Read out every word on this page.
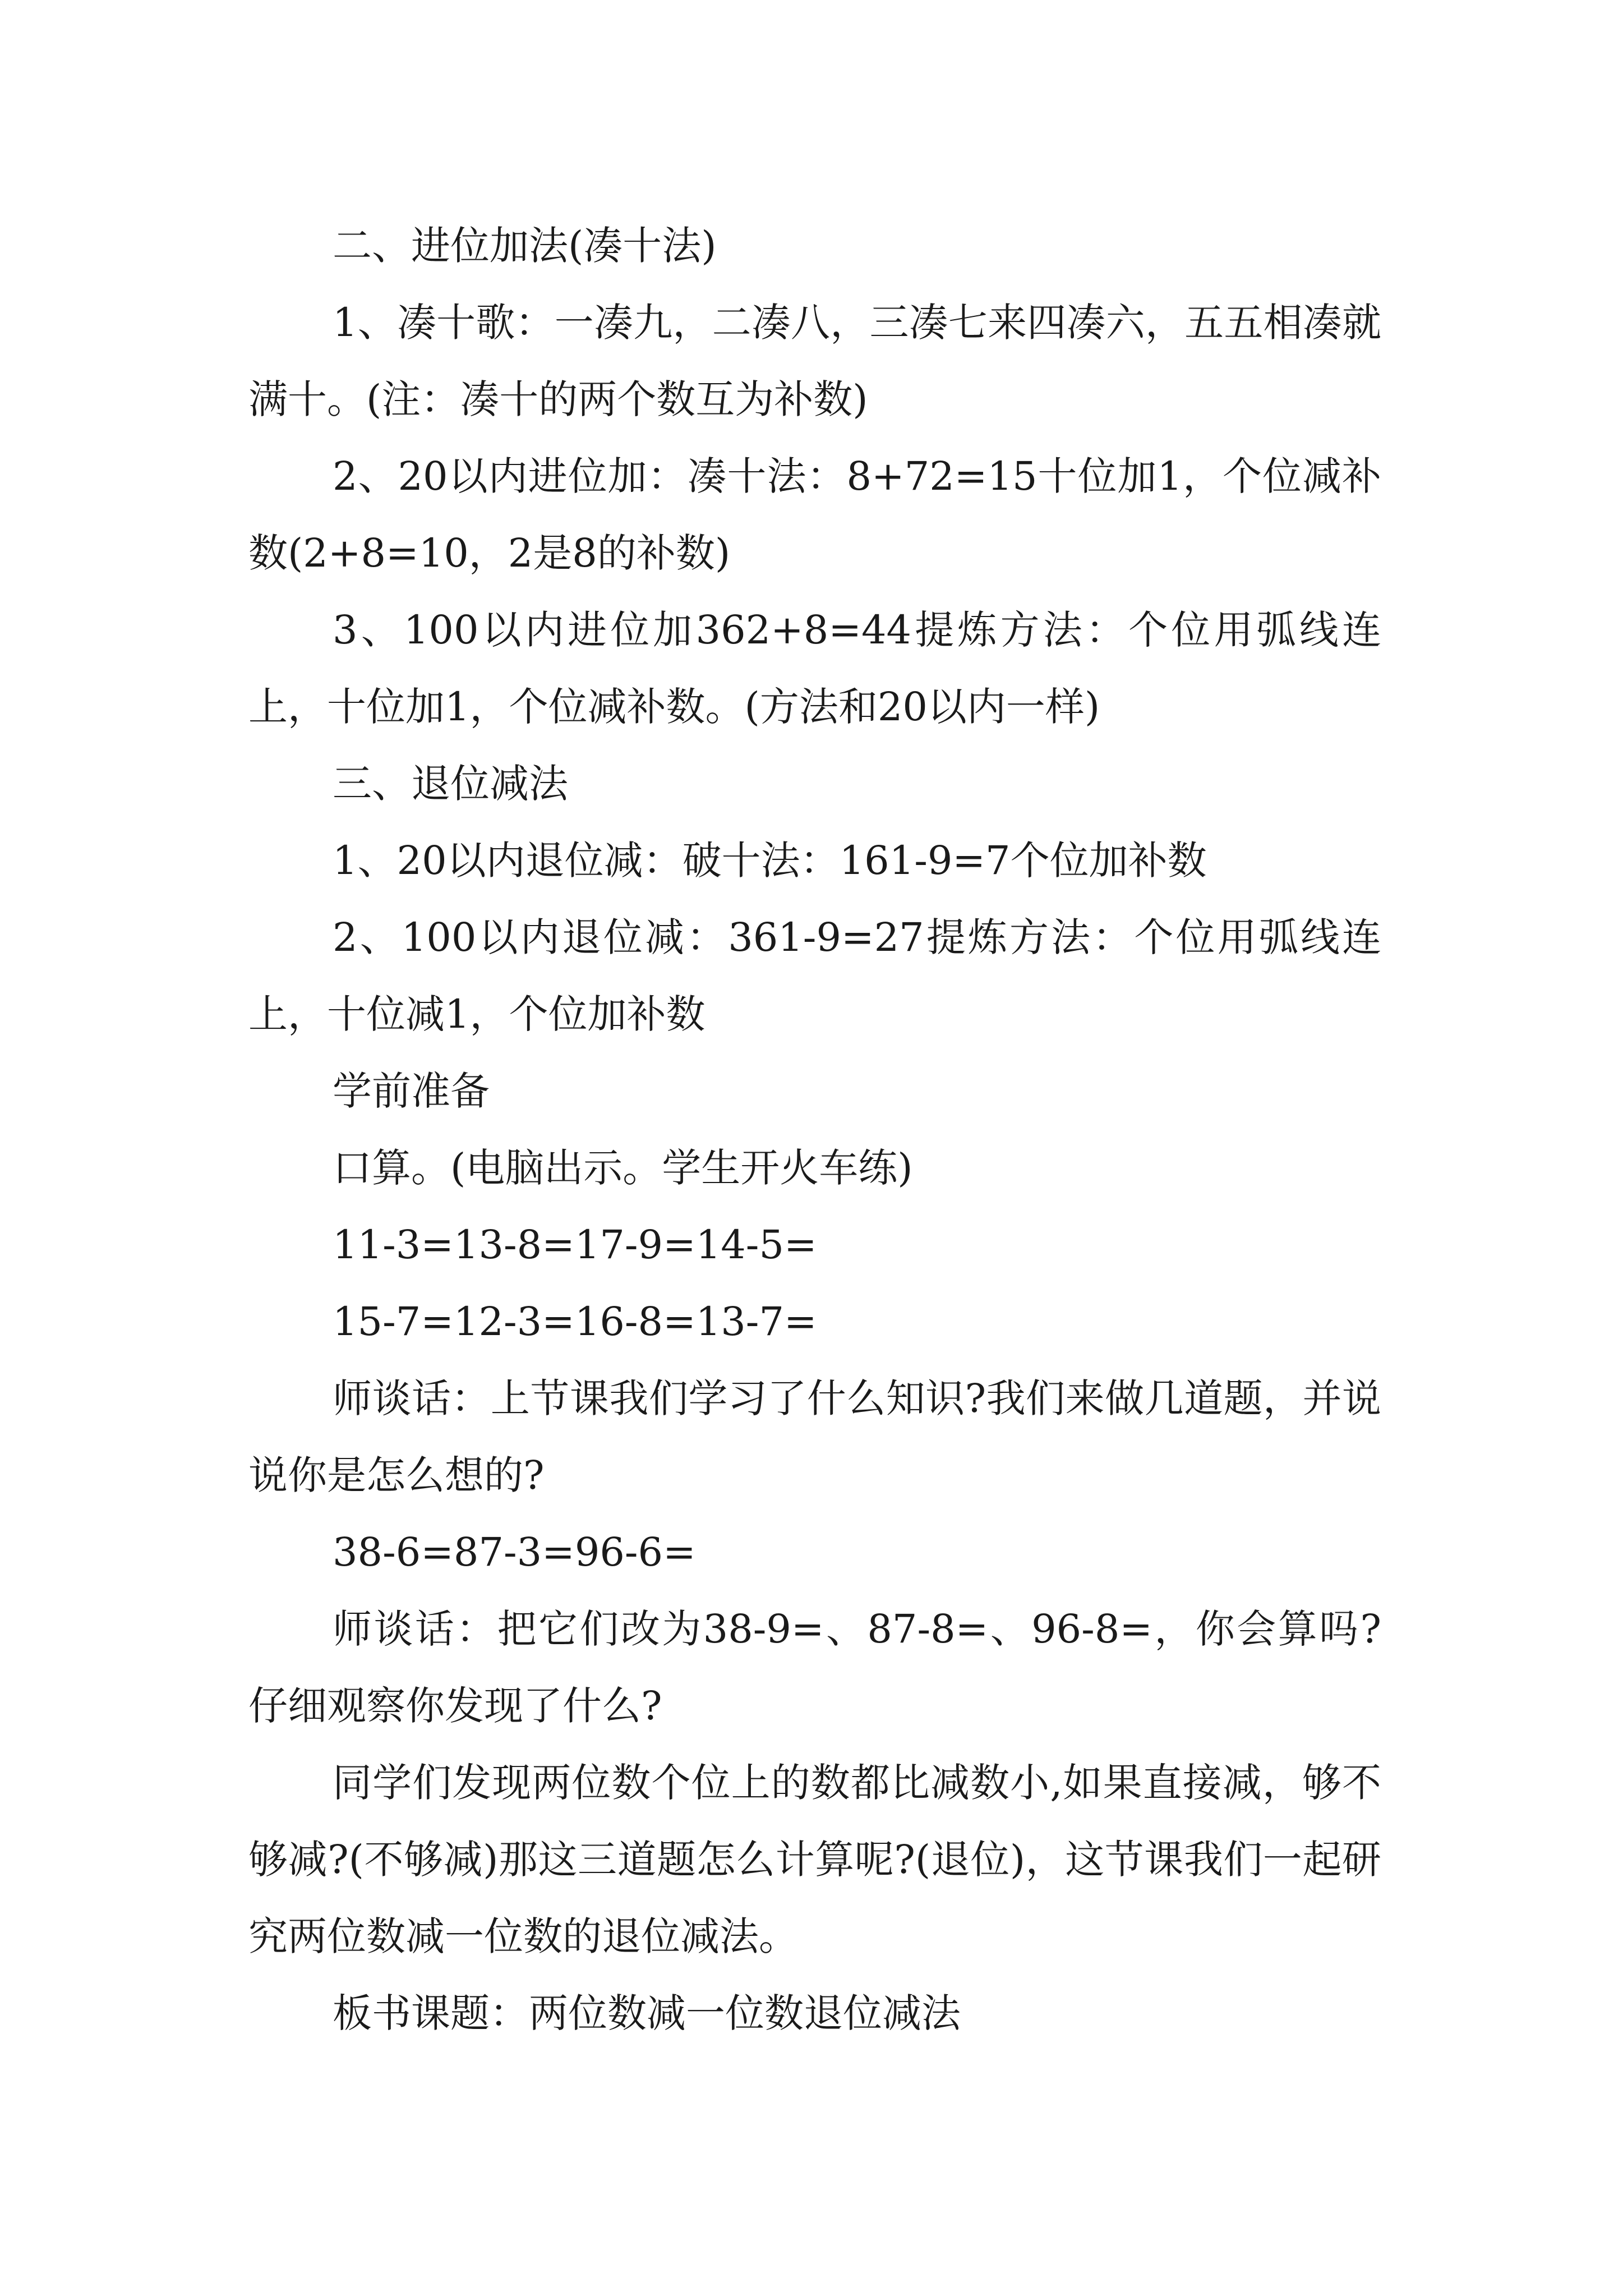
二、进位加法(凑十法)

1、凑十歌：一凑九，二凑八，三凑七来四凑六，五五相凑就满十。(注：凑十的两个数互为补数)

2、20以内进位加：凑十法：8+72=15十位加1，个位减补数(2+8=10，2是8的补数)

3、100以内进位加362+8=44提炼方法：个位用弧线连上，十位加1，个位减补数。(方法和20以内一样)

三、退位减法

1、20以内退位减：破十法：161-9=7个位加补数

2、100以内退位减：361-9=27提炼方法：个位用弧线连上，十位减1，个位加补数

学前准备

口算。(电脑出示。学生开火车练)

11-3=13-8=17-9=14-5=

15-7=12-3=16-8=13-7=

师谈话：上节课我们学习了什么知识?我们来做几道题，并说说你是怎么想的?

38-6=87-3=96-6=

师谈话：把它们改为38-9=、87-8=、96-8=，你会算吗?仔细观察你发现了什么?

同学们发现两位数个位上的数都比减数小,如果直接减，够不够减?(不够减)那这三道题怎么计算呢?(退位)，这节课我们一起研究两位数减一位数的退位减法。

板书课题：两位数减一位数退位减法
